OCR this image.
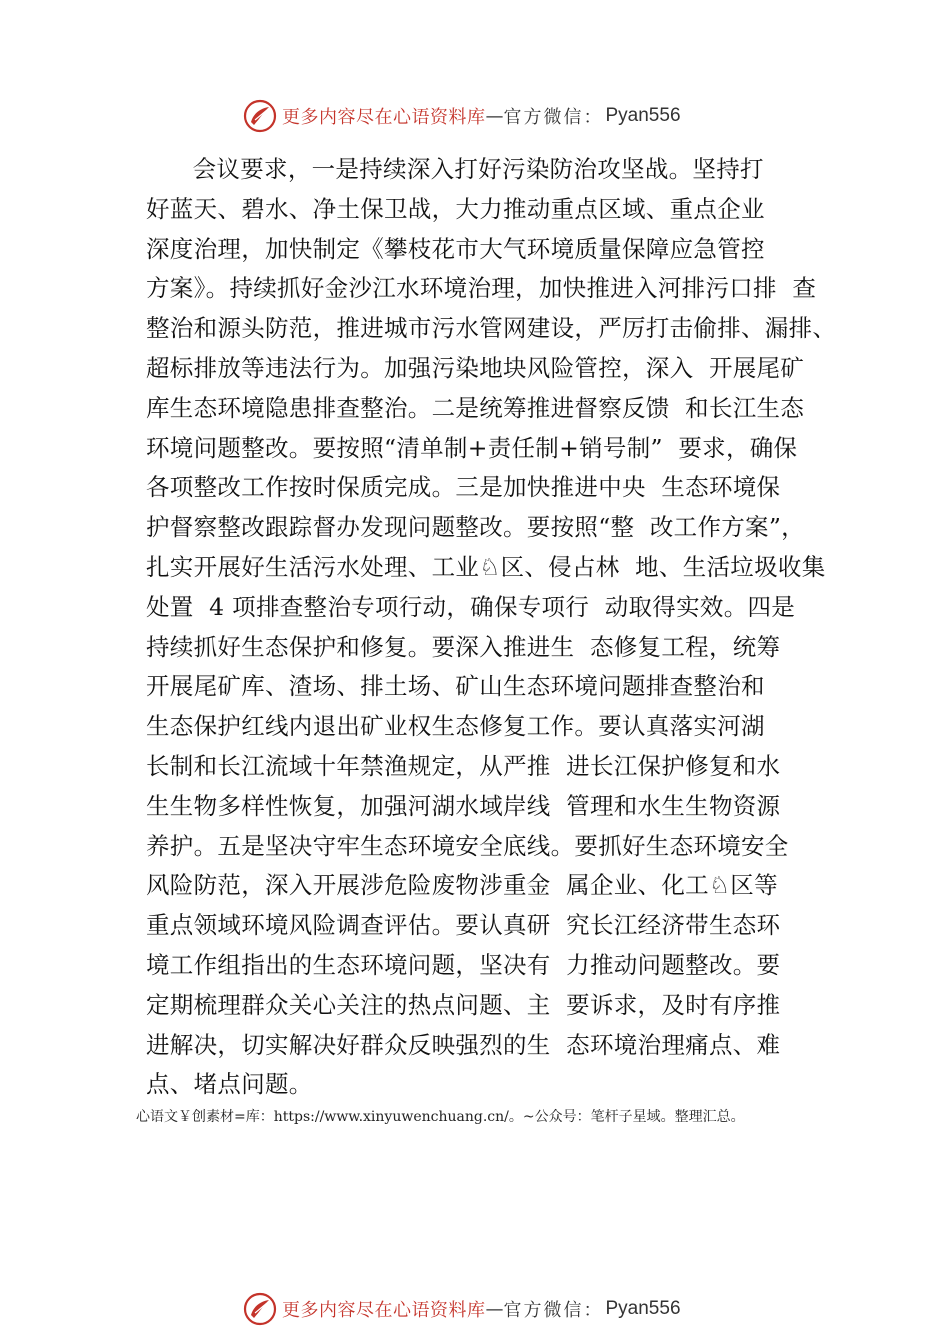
更多内容尽在心语资料库 — 官方微信： Pyan556
会议要求，一是持续深入打好污染防治攻坚战。坚持打
好蓝天、碧水、净土保卫战，大力推动重点区域、重点企业
深度治理，加快制定《攀枝花市大气环境质量保障应急管控
方案》。持续抓好金沙江水环境治理，加快推进入河排污口排  查
整治和源头防范，推进城市污水管网建设，严厉打击偷排、漏排、
超标排放等违法行为。加强污染地块风险管控，深入  开展尾矿
库生态环境隐患排查整治。二是统筹推进督察反馈  和长江生态
环境问题整改。要按照“清单制+责任制+销号制”  要求，确保
各项整改工作按时保质完成。三是加快推进中央  生态环境保
护督察整改跟踪督办发现问题整改。要按照“整  改工作方案”，
扎实开展好生活污水处理、工业♘区、侵占林  地、生活垃圾收集
处置  4 项排查整治专项行动，确保专项行  动取得实效。四是
持续抓好生态保护和修复。要深入推进生  态修复工程，统筹
开展尾矿库、渣场、排土场、矿山生态环境问题排查整治和
生态保护红线内退出矿业权生态修复工作。要认真落实河湖
长制和长江流域十年禁渔规定，从严推  进长江保护修复和水
生生物多样性恢复，加强河湖水域岸线  管理和水生生物资源
养护。五是坚决守牢生态环境安全底线。要抓好生态环境安全
风险防范，深入开展涉危险废物涉重金  属企业、化工♘区等
重点领域环境风险调查评估。要认真研  究长江经济带生态环
境工作组指出的生态环境问题，坚决有  力推动问题整改。要
定期梳理群众关心关注的热点问题、主  要诉求，及时有序推
进解决，切实解决好群众反映强烈的生  态环境治理痛点、难
点、堵点问题。
心语文￥创素材=库：https://www.xinyuwenchuang.cn/。~公众号：笔杆子星域。整理汇总。
更多内容尽在心语资料库 — 官方微信： Pyan556
